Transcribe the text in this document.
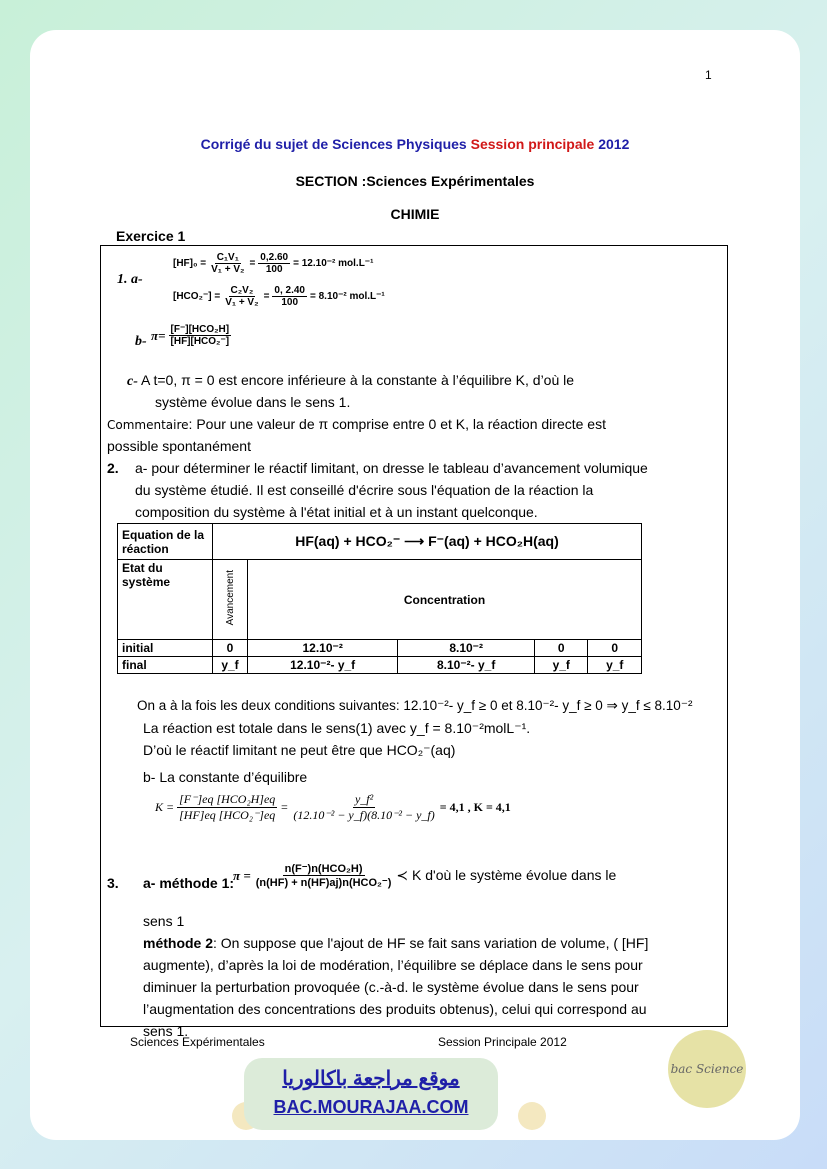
1
Corrigé du sujet de Sciences Physiques Session principale 2012
SECTION :Sciences Expérimentales
CHIMIE
Exercice 1
1. a-
$[HF]_0 = \frac{\text{C₁V₁}}{\text{V₁ + V₂}} = \frac{0,2.60}{100} = 12.10^{-2}$ mol.L⁻¹
$[HCO_2^-] = \frac{\text{C₂V₂}}{\text{V₁ + V₂}} = \frac{0, 2.40}{100} = 8.10^{-2}$ mol.L⁻¹
b- $\pi= \frac{\text{[F⁻][HCO₂H]}}{\text{[HF][HCO₂⁻]}}$
c- A t=0, π = 0 est encore inférieure à la constante à l’équilibre K, d’où le
système évolue dans le sens 1.
Commentaire: Pour une valeur de π comprise entre 0 et K, la réaction directe est
possible spontanément
2. a- pour déterminer le réactif limitant, on dresse le tableau d’avancement volumique
du système étudié. Il est conseillé d'écrire sous l'équation de la réaction la
composition du système à l'état initial et à un instant quelconque.
Equation de la réaction	HF(aq) + HCO₂⁻ ⟶ F⁻(aq) + HCO₂H(aq)				
Etat du système	Avancement	Concentration			
initial	0	12.10⁻²	8.10⁻²	0	0
final	y_f	12.10⁻²- y_f	8.10⁻²- y_f	y_f	y_f
On a à la fois les deux conditions suivantes: 12.10⁻²- y_f ≥ 0 et 8.10⁻²- y_f ≥ 0 ⇒ y_f ≤ 8.10⁻²
La réaction est totale dans le sens(1) avec y_f = 8.10⁻²molL⁻¹.
D’où le réactif limitant ne peut être que HCO₂⁻(aq)
b- La constante d’équilibre
$K = \frac{\text{[F⁻]eq [HCO₂H]eq}}{\text{[HF]eq [HCO₂⁻]eq}} = \frac{\text{y\_f²}}{\text{(12.10⁻² − y\_f)(8.10⁻² − y\_f)}} = 4,1$ , K = 4,1
3. a- méthode 1:
$\pi = \frac{\text{n(F⁻)n(HCO₂H)}}{\text{(n(HF) + n(HF)aj)n(HCO₂⁻)}}$ ≺ K d'où le système évolue dans le
sens 1
méthode 2: On suppose que l'ajout de HF se fait sans variation de volume, ( [HF]
augmente), d’après la loi de modération, l’équilibre se déplace dans le sens pour
diminuer la perturbation provoquée (c.-à-d. le système évolue dans le sens pour
l’augmentation des concentrations des produits obtenus), celui qui correspond au
sens 1.
Sciences Expérimentales	Session Principale 2012
موقع مراجعة باكالوريا
BAC.MOURAJAA.COM
bac Science
